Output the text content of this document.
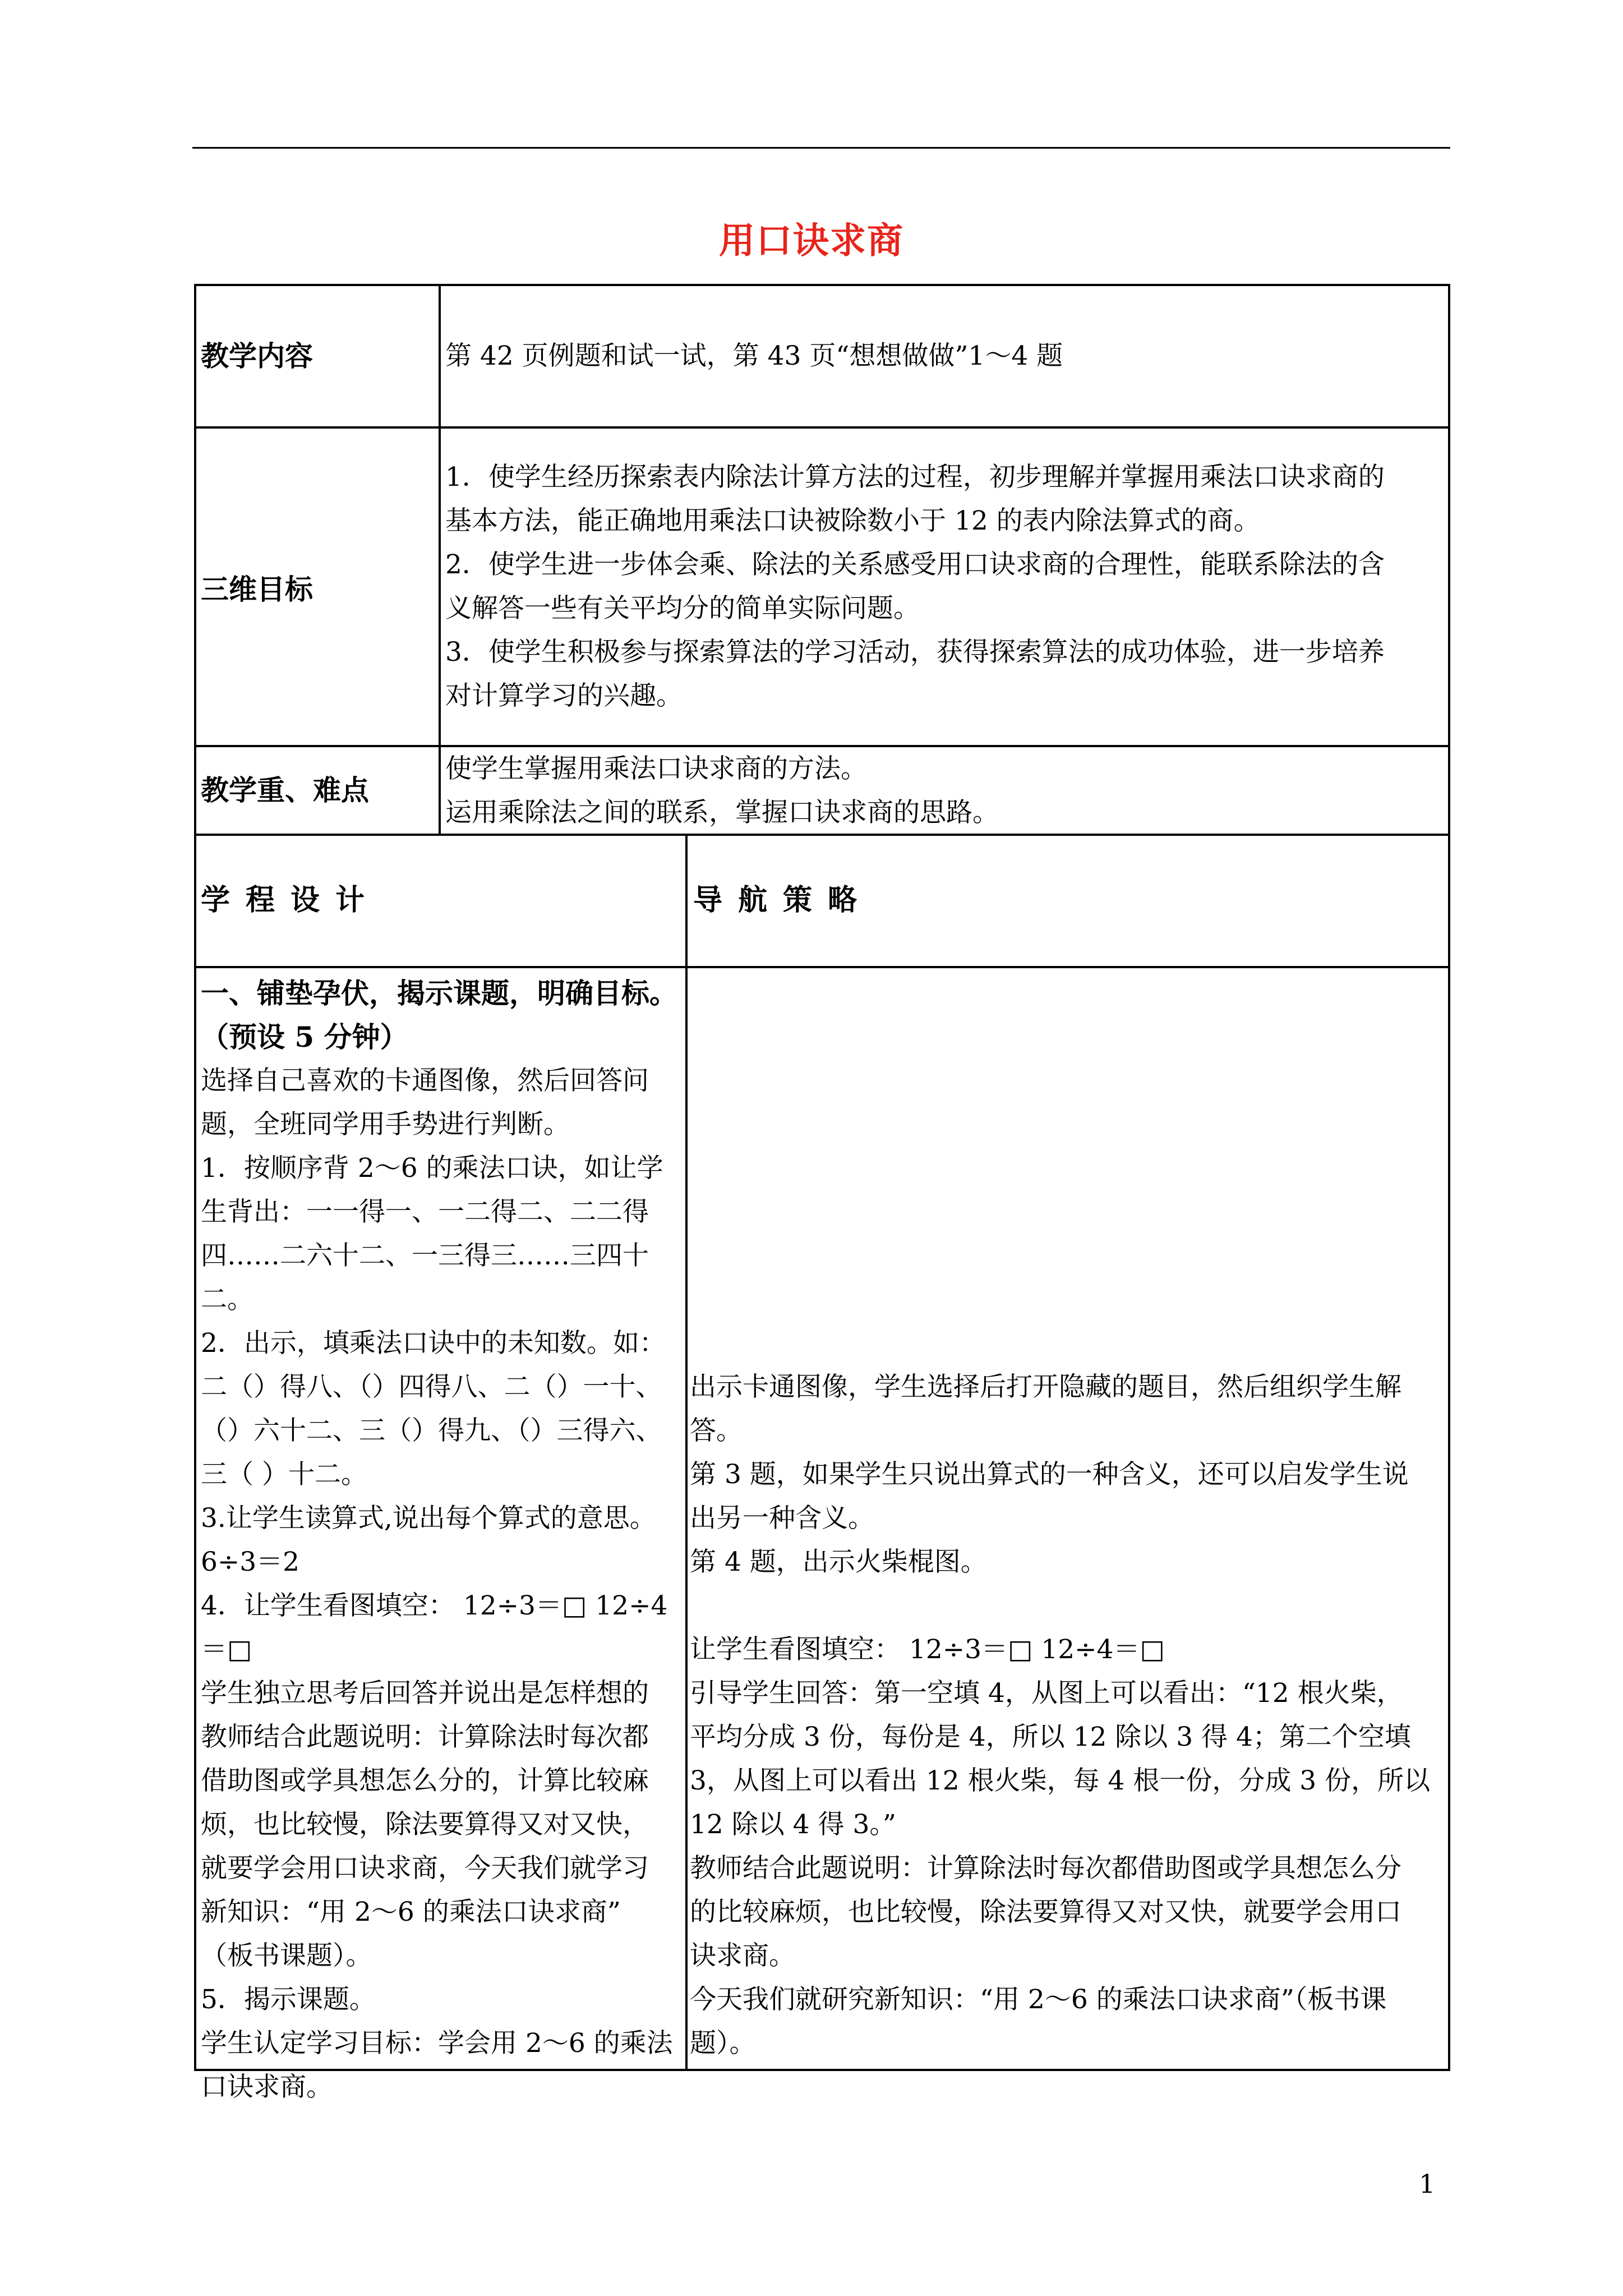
用口诀求商
教学内容	第 42 页例题和试一试，第 43 页“想想做做”1～4 题
三维目标
1．使学生经历探索表内除法计算方法的过程，初步理解并掌握用乘法口诀求商的
基本方法，能正确地用乘法口诀被除数小于 12 的表内除法算式的商。
2．使学生进一步体会乘、除法的关系感受用口诀求商的合理性，能联系除法的含
义解答一些有关平均分的简单实际问题。
3．使学生积极参与探索算法的学习活动，获得探索算法的成功体验，进一步培养
对计算学习的兴趣。
教学重、难点
使学生掌握用乘法口诀求商的方法。
运用乘除法之间的联系，掌握口诀求商的思路。
学程设计	导航策略
一、铺垫孕伏，揭示课题，明确目标。
（预设 5 分钟）
选择自己喜欢的卡通图像，然后回答问
题，全班同学用手势进行判断。
1．按顺序背 2～6 的乘法口诀，如让学
生背出：一一得一、一二得二、二二得
四……二六十二、一三得三……三四十
二。
2．出示，填乘法口诀中的未知数。如：
二（）得八、（）四得八、二（）一十、
（）六十二、三（）得九、（）三得六、
三（ ）十二。
3.让学生读算式,说出每个算式的意思。
6÷3＝2
4．让学生看图填空： 12÷3＝□ 12÷4
＝□
学生独立思考后回答并说出是怎样想的
教师结合此题说明：计算除法时每次都
借助图或学具想怎么分的，计算比较麻
烦，也比较慢，除法要算得又对又快，
就要学会用口诀求商，今天我们就学习
新知识：“用 2～6 的乘法口诀求商”
（板书课题）。
5．揭示课题。
学生认定学习目标：学会用 2～6 的乘法
口诀求商。
出示卡通图像，学生选择后打开隐藏的题目，然后组织学生解
答。
第 3 题，如果学生只说出算式的一种含义，还可以启发学生说
出另一种含义。
第 4 题，出示火柴棍图。
让学生看图填空： 12÷3＝□ 12÷4＝□
引导学生回答：第一空填 4，从图上可以看出：“12 根火柴，
平均分成 3 份，每份是 4，所以 12 除以 3 得 4；第二个空填
3，从图上可以看出 12 根火柴，每 4 根一份，分成 3 份，所以
12 除以 4 得 3。”
教师结合此题说明：计算除法时每次都借助图或学具想怎么分
的比较麻烦，也比较慢，除法要算得又对又快，就要学会用口
诀求商。
今天我们就研究新知识：“用 2～6 的乘法口诀求商”（板书课
题）。
1
